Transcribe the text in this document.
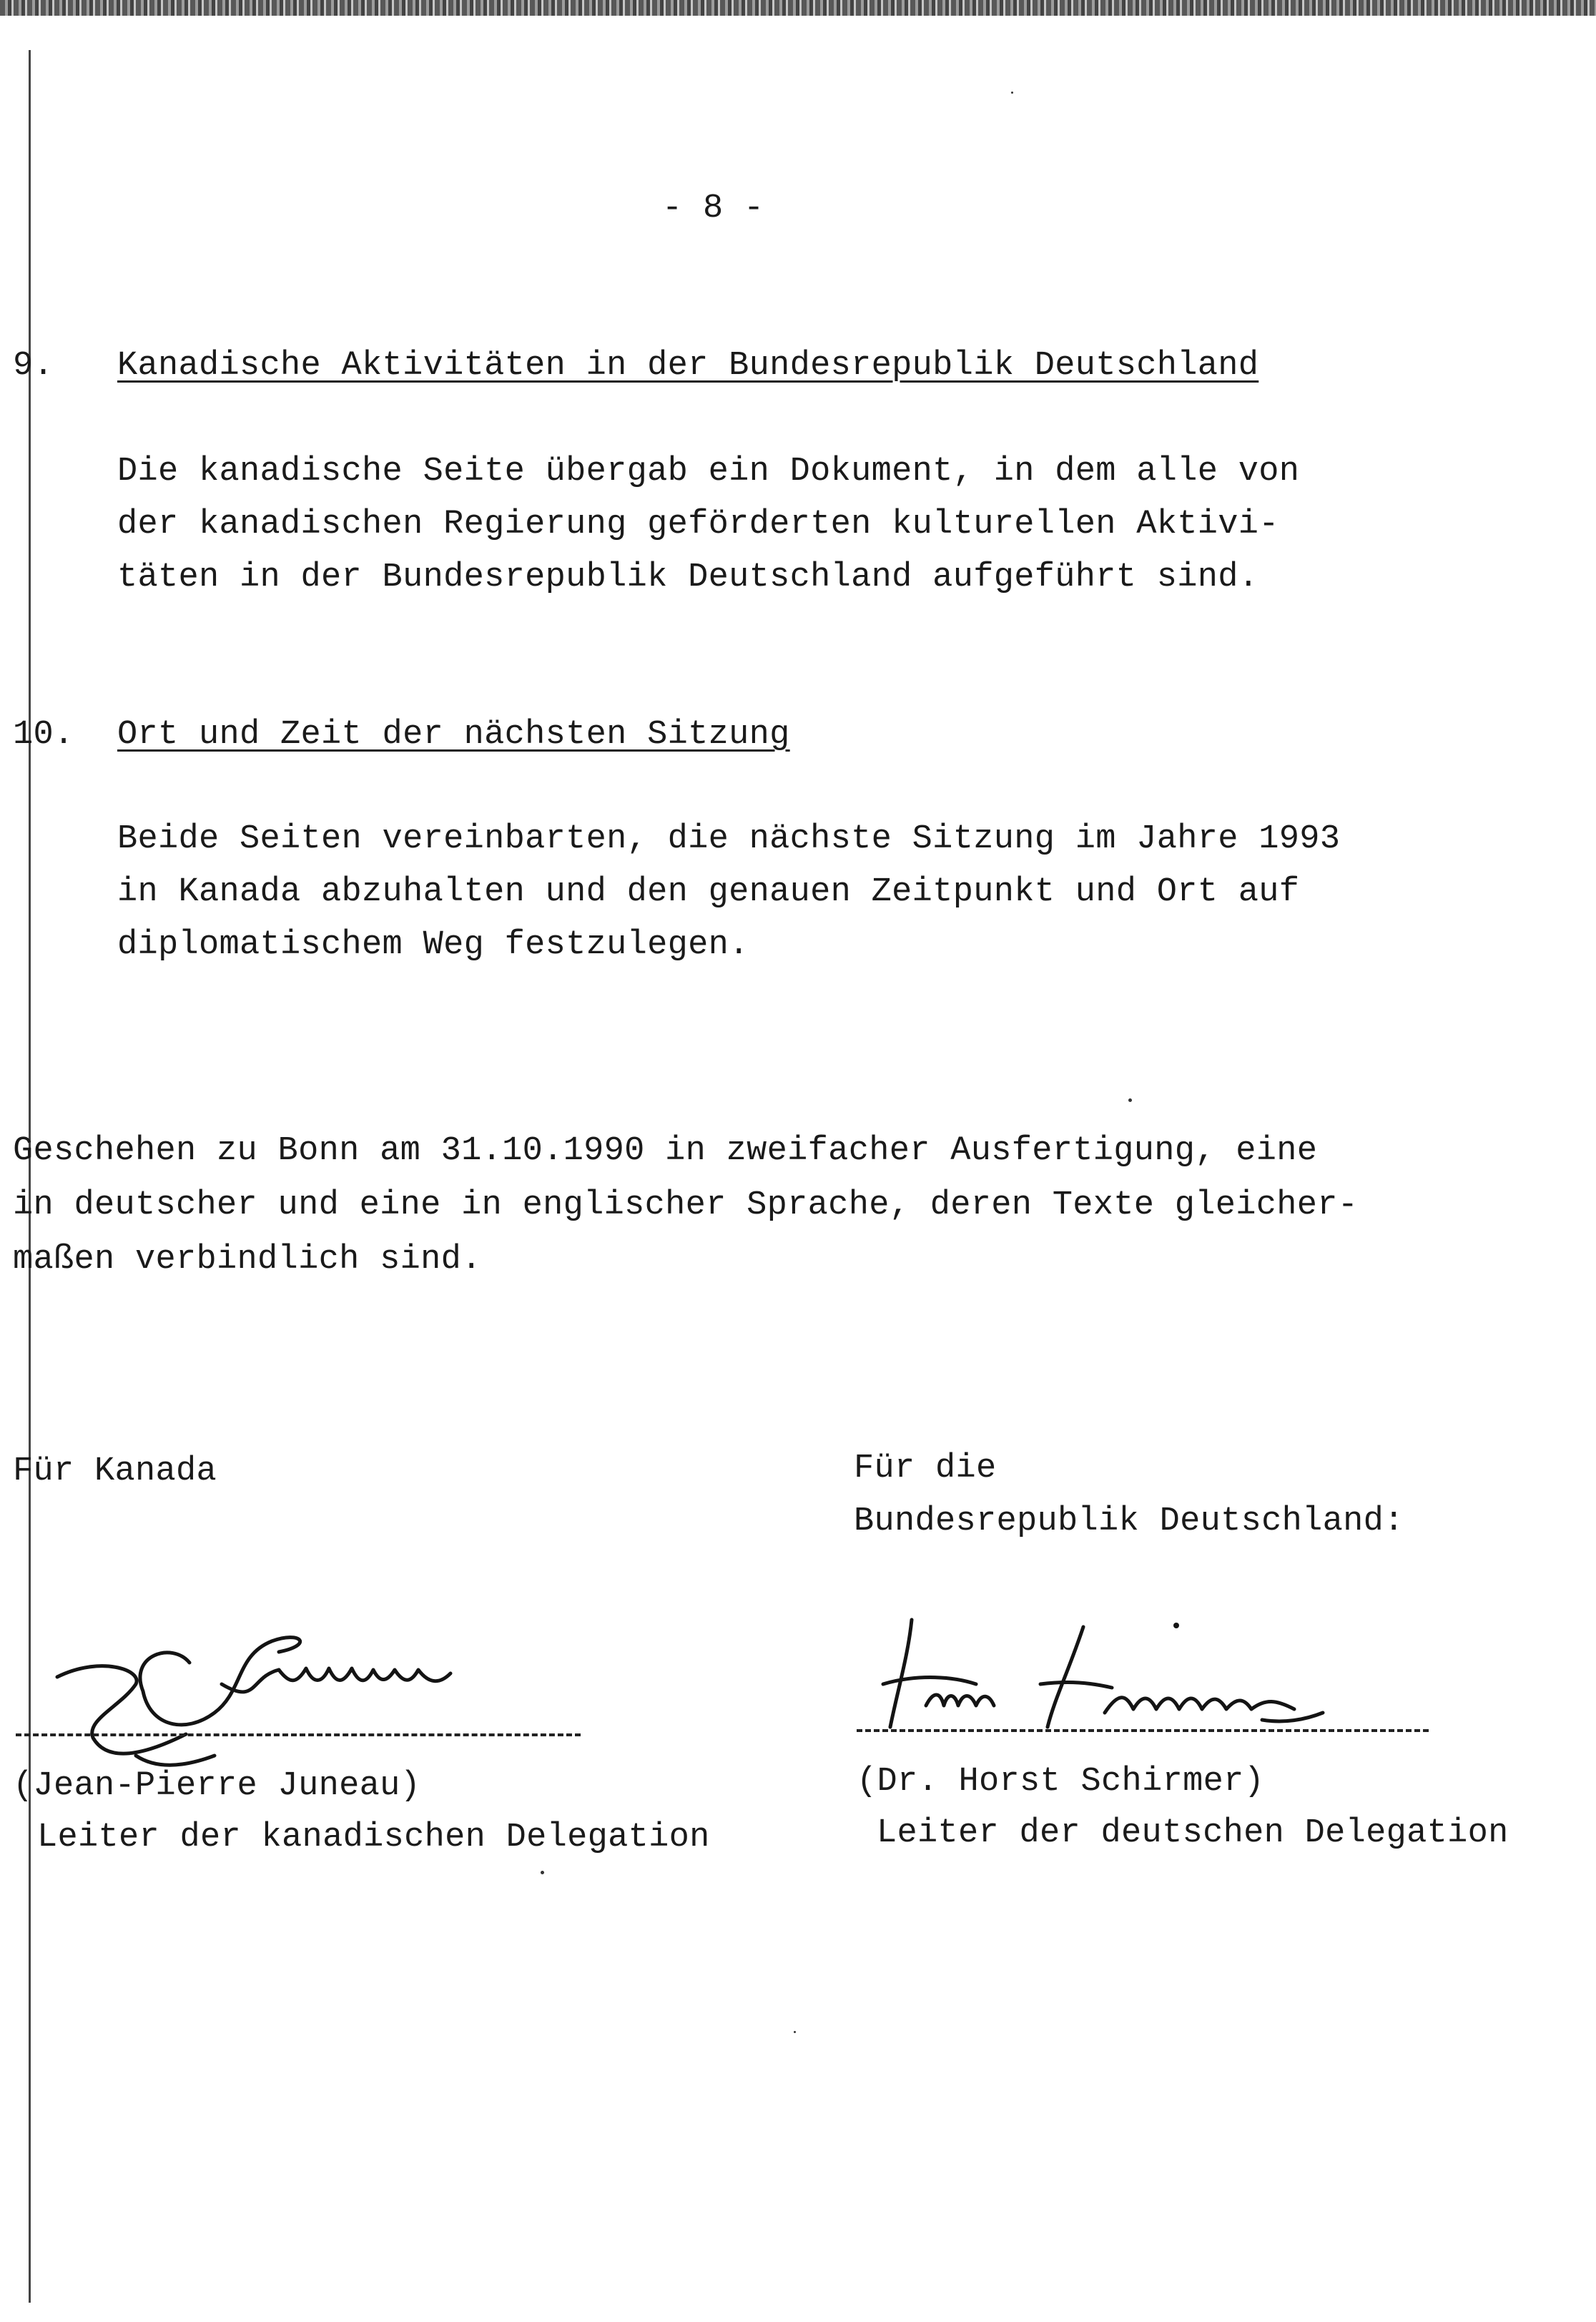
- 8 -
9. Kanadische Aktivitäten in der Bundesrepublik Deutschland
Die kanadische Seite übergab ein Dokument, in dem alle von
der kanadischen Regierung geförderten kulturellen Aktivi-
täten in der Bundesrepublik Deutschland aufgeführt sind.
10. Ort und Zeit der nächsten Sitzung
Beide Seiten vereinbarten, die nächste Sitzung im Jahre 1993
in Kanada abzuhalten und den genauen Zeitpunkt und Ort auf
diplomatischem Weg festzulegen.
Geschehen zu Bonn am 31.10.1990 in zweifacher Ausfertigung, eine
in deutscher und eine in englischer Sprache, deren Texte gleicher-
maßen verbindlich sind.
Für Kanada	Für die
Bundesrepublik Deutschland:
(Jean-Pierre Juneau)
Leiter der kanadischen Delegation
(Dr. Horst Schirmer)
Leiter der deutschen Delegation
